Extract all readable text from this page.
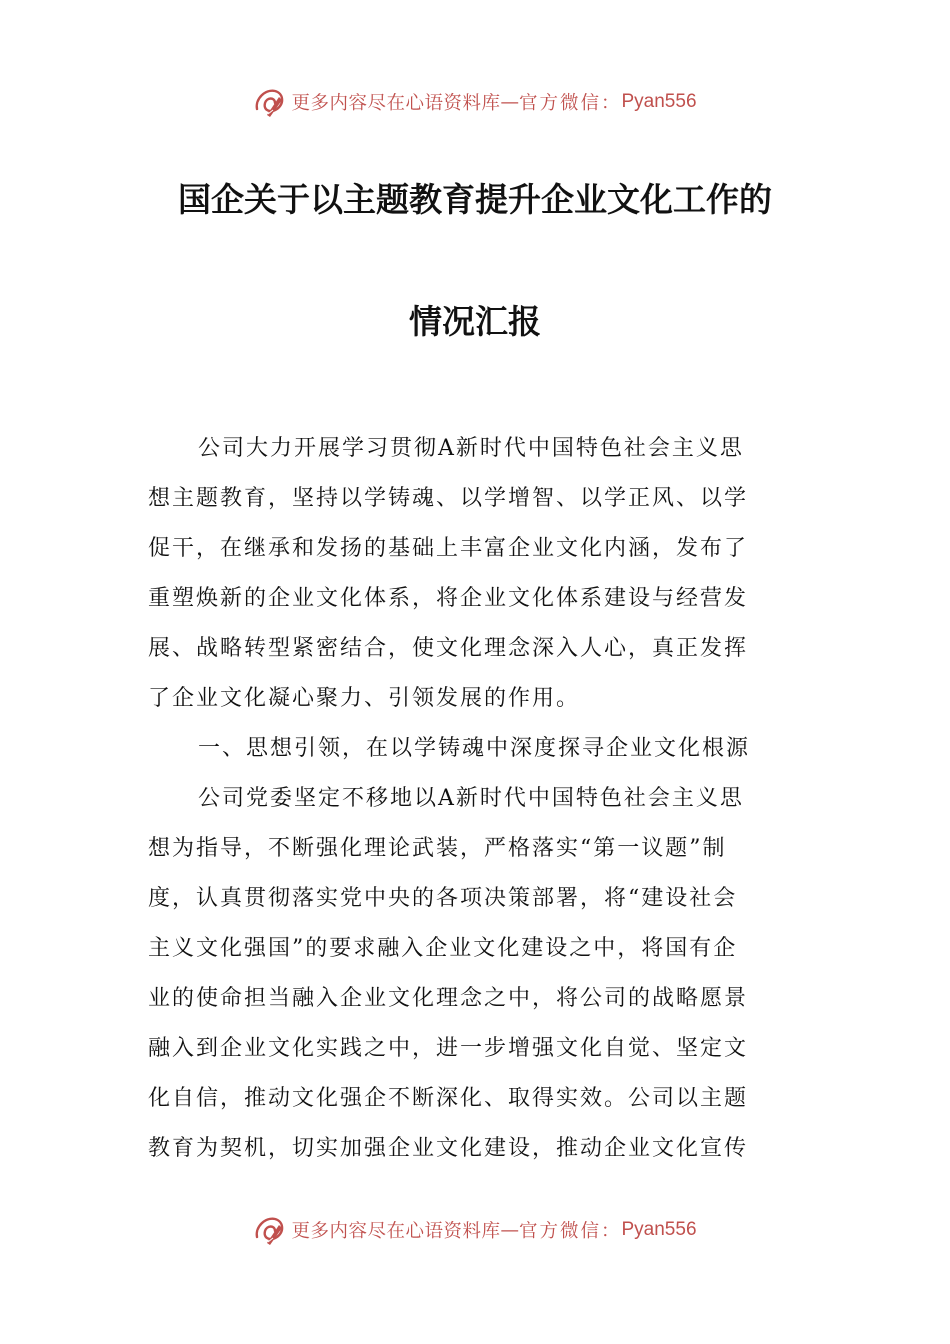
更多内容尽在心语资料库 — 官方微信： Pyan556
国企关于以主题教育提升企业文化工作的
情况汇报
公司大力开展学习贯彻A新时代中国特色社会主义思
想主题教育，坚持以学铸魂、以学增智、以学正风、以学
促干，在继承和发扬的基础上丰富企业文化内涵，发布了
重塑焕新的企业文化体系，将企业文化体系建设与经营发
展、战略转型紧密结合，使文化理念深入人心，真正发挥
了企业文化凝心聚力、引领发展的作用。
一、思想引领，在以学铸魂中深度探寻企业文化根源
公司党委坚定不移地以A新时代中国特色社会主义思
想为指导，不断强化理论武装，严格落实“第一议题”制
度，认真贯彻落实党中央的各项决策部署，将“建设社会
主义文化强国”的要求融入企业文化建设之中，将国有企
业的使命担当融入企业文化理念之中，将公司的战略愿景
融入到企业文化实践之中，进一步增强文化自觉、坚定文
化自信，推动文化强企不断深化、取得实效。公司以主题
教育为契机，切实加强企业文化建设，推动企业文化宣传
更多内容尽在心语资料库 — 官方微信： Pyan556
